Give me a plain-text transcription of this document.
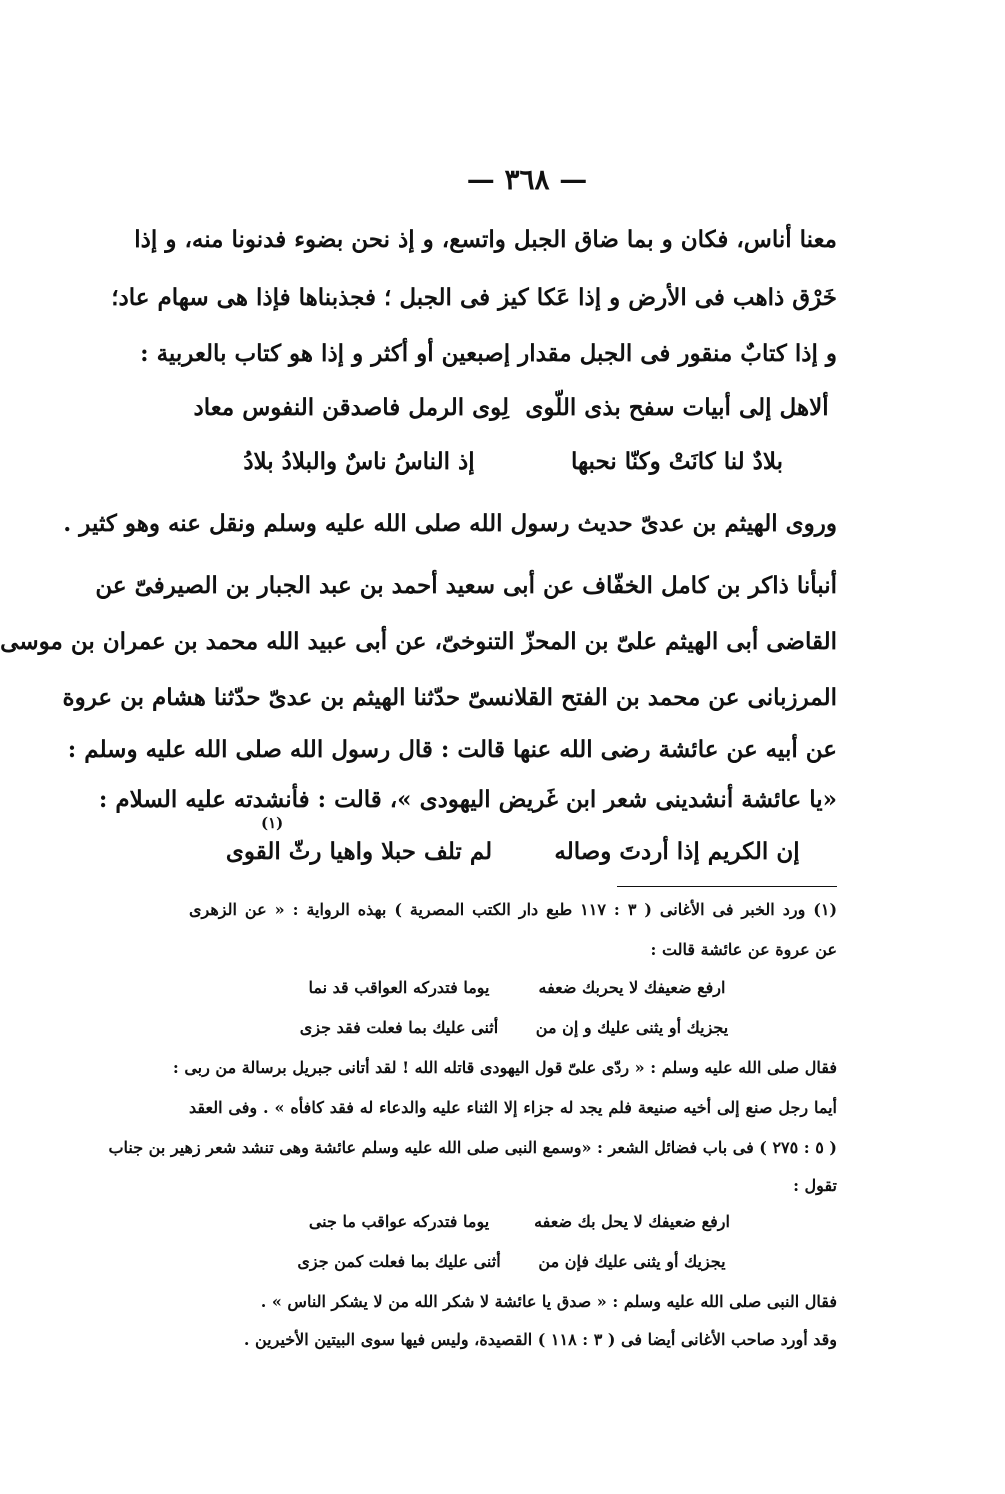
— ٣٦٨ —
معنا أناس، فكان و بما ضاق الجبل واتسع، و إذ نحن بضوء فدنونا منه، و إذا
خَرْق ذاهب فى الأرض و إذا عَكا كيز فى الجبل ؛ فجذبناها فإذا هى سهام عاد؛
و إذا كتابٌ منقور فى الجبل مقدار إصبعين أو أكثر و إذا هو كتاب بالعربية :
ألاهل إلى أبيات سفح بذى اللّوى
لِوى الرمل فاصدقن النفوس معاد
بلادٌ لنا كانَتْ وكنّا نحبها
إذ الناسُ ناسٌ والبلادُ بلادُ
وروى الهيثم بن عدىّ حديث رسول الله صلى الله عليه وسلم ونقل عنه وهو كثير .
أنبأنا ذاكر بن كامل الخفّاف عن أبى سعيد أحمد بن عبد الجبار بن الصيرفىّ عن
القاضى أبى الهيثم علىّ بن المحزّ التنوخىّ، عن أبى عبيد الله محمد بن عمران بن موسى
المرزبانى عن محمد بن الفتح القلانسىّ حدّثنا الهيثم بن عدىّ حدّثنا هشام بن عروة
عن أبيه عن عائشة رضى الله عنها قالت : قال رسول الله صلى الله عليه وسلم :
«يا عائشة أنشدينى شعر ابن غَريض اليهودى »، قالت : فأنشدته عليه السلام :
(١)
إن الكريم إذا أردتَ وصاله
لم تلف حبلا واهيا رثّ القوى
(١) ورد الخبر فى الأغانى ( ٣ : ١١٧ طبع دار الكتب المصرية ) بهذه الرواية : « عن الزهرى
عن عروة عن عائشة قالت :
ارفع ضعيفك لا يحربك ضعفه
يوما فتدركه العواقب قد نما
يجزيك أو يثنى عليك و إن من
أثنى عليك بما فعلت فقد جزى
فقال صلى الله عليه وسلم : « ردّى علىّ قول اليهودى قاتله الله ! لقد أتانى جبريل برسالة من ربى :
أيما رجل صنع إلى أخيه صنيعة فلم يجد له جزاء إلا الثناء عليه والدعاء له فقد كافأه » . وفى العقد
( ٥ : ٢٧٥ ) فى باب فضائل الشعر : «وسمع النبى صلى الله عليه وسلم عائشة وهى تنشد شعر زهير بن جناب
تقول :
ارفع ضعيفك لا يحل بك ضعفه
يوما فتدركه عواقب ما جنى
يجزيك أو يثنى عليك فإن من
أثنى عليك بما فعلت كمن جزى
فقال النبى صلى الله عليه وسلم : « صدق يا عائشة لا شكر الله من لا يشكر الناس » .
وقد أورد صاحب الأغانى أيضا فى ( ٣ : ١١٨ ) القصيدة، وليس فيها سوى البيتين الأخيرين .
